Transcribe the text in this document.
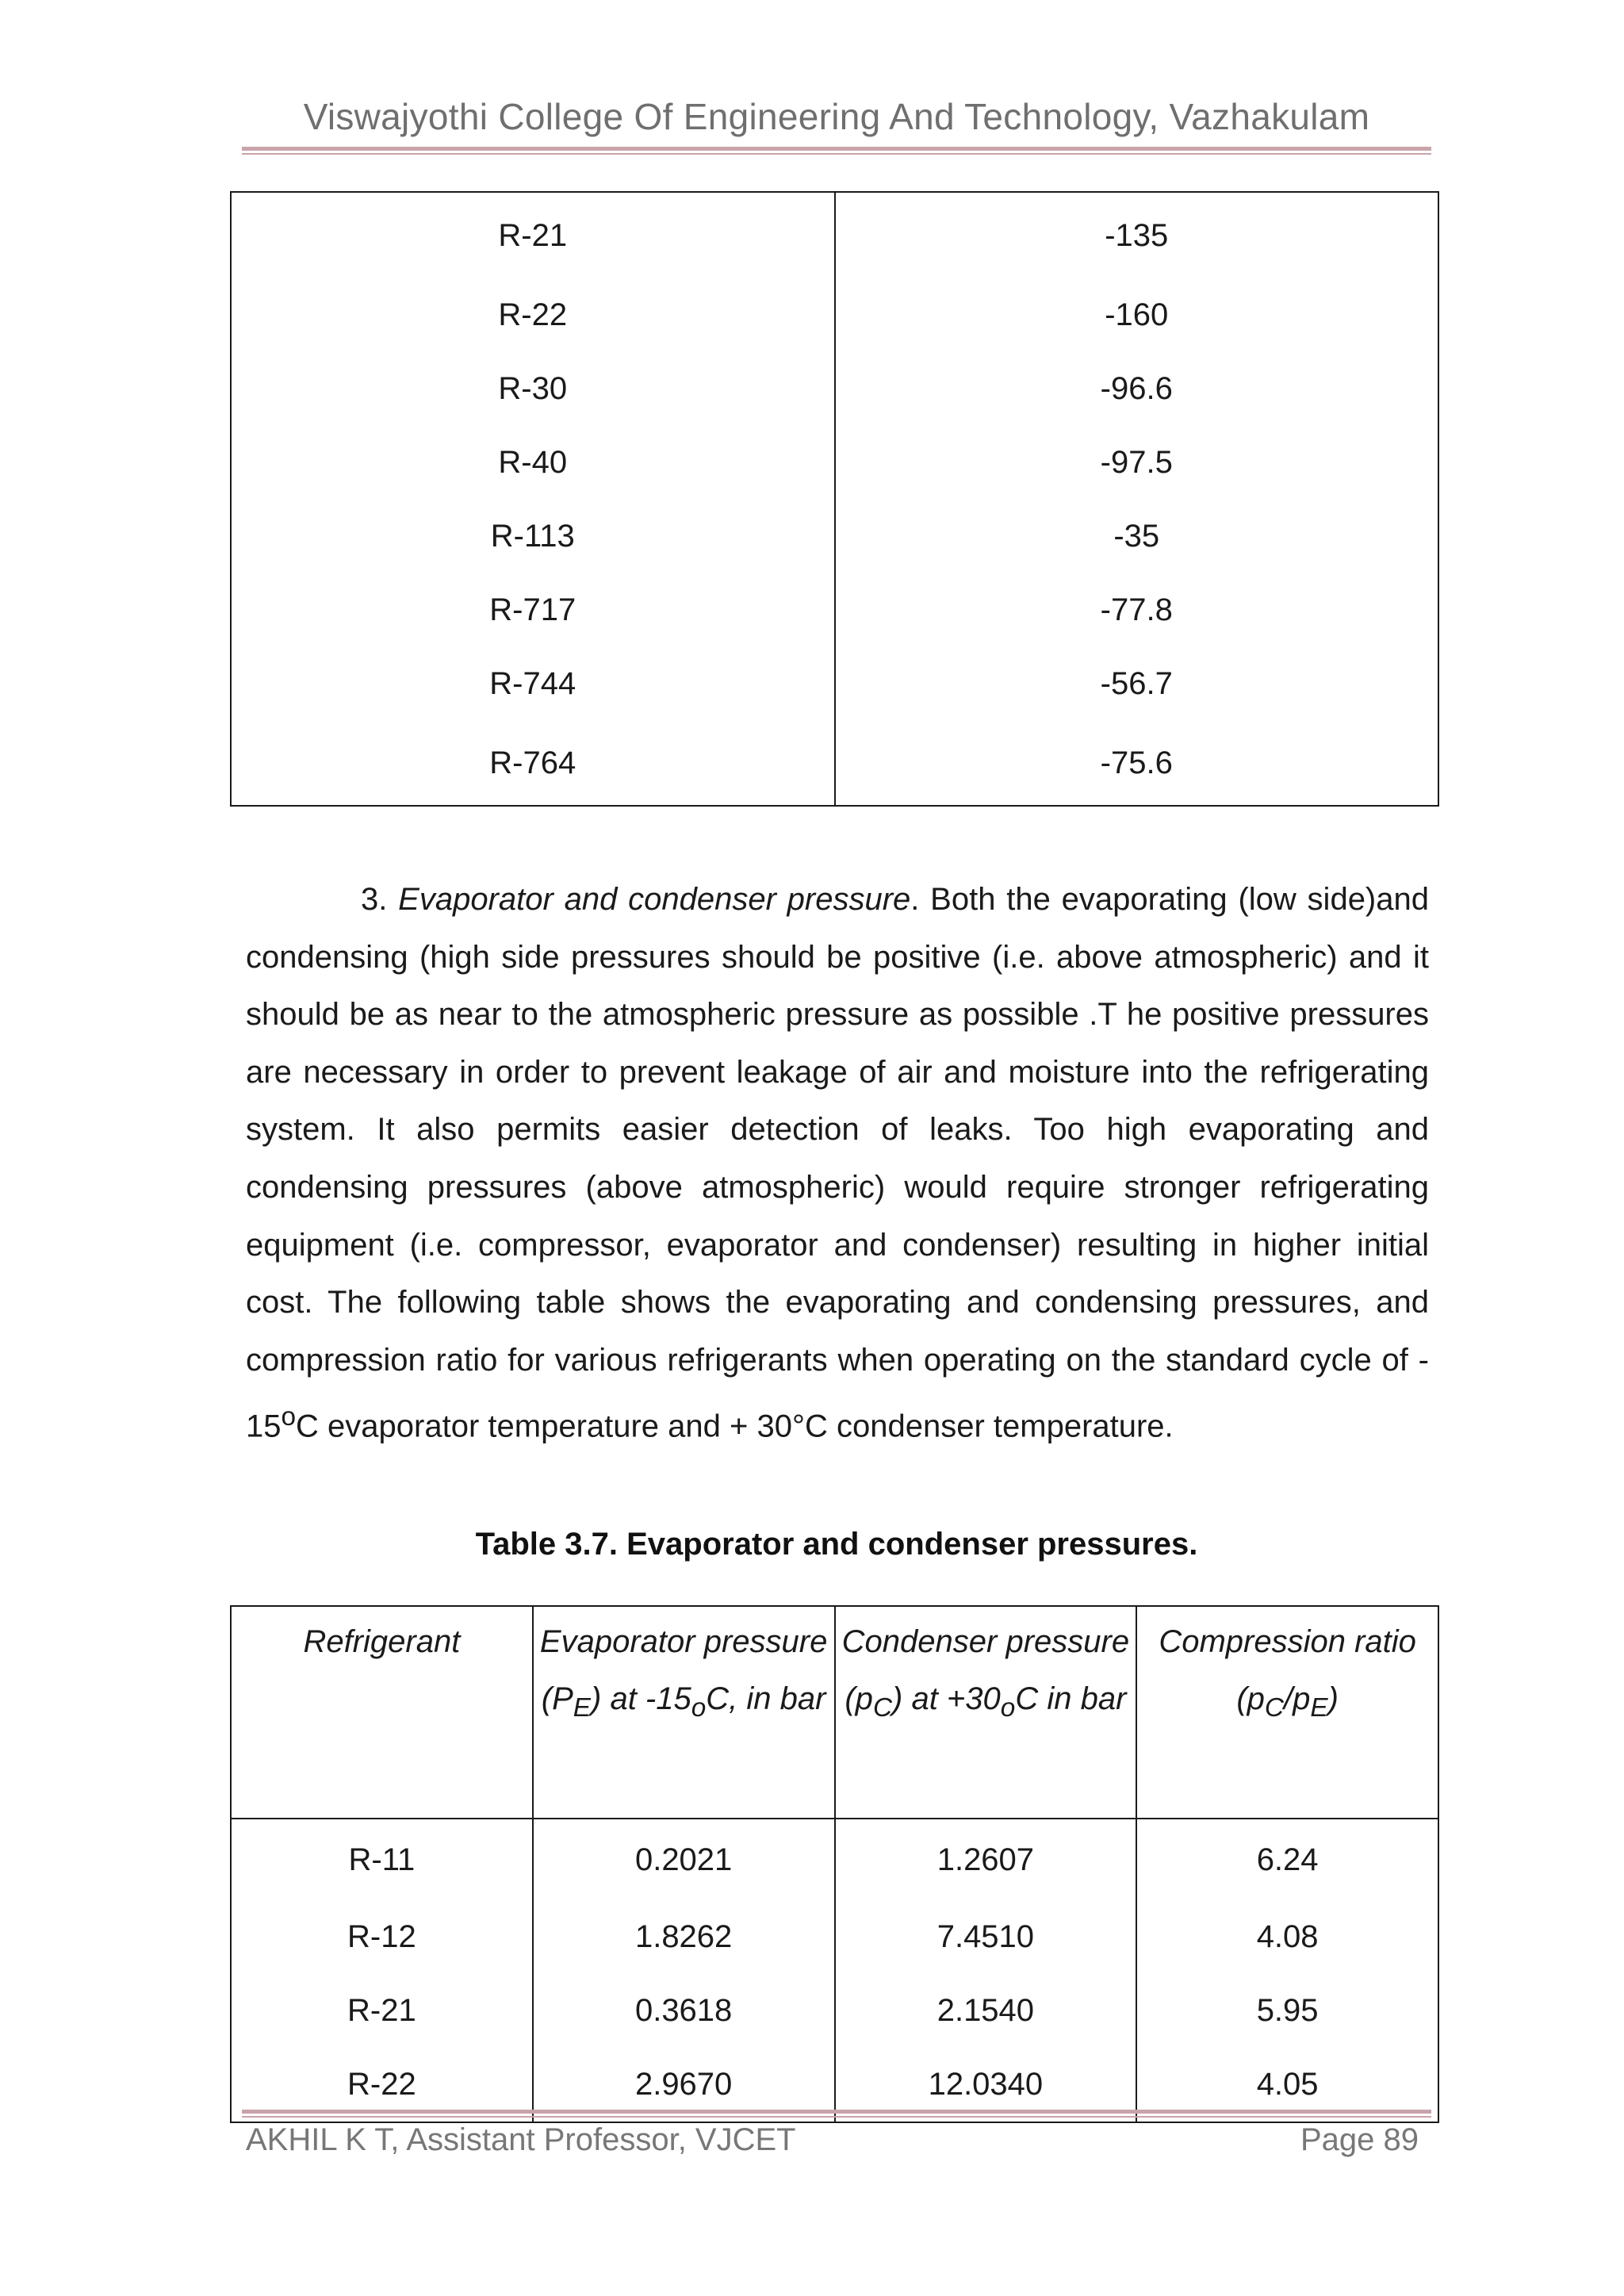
Viswajyothi College Of Engineering And Technology, Vazhakulam
R-21	-135
R-22	-160
R-30	-96.6
R-40	-97.5
R-113	-35
R-717	-77.8
R-744	-56.7
R-764	-75.6
3. Evaporator and condenser pressure. Both the evaporating (low side)and condensing (high side pressures should be positive (i.e. above atmospheric) and it should be as near to the atmospheric pressure as possible .T he positive pressures are necessary in order to prevent leakage of air and moisture into the refrigerating system. It also permits easier detection of leaks. Too high evaporating and condensing pressures (above atmospheric) would require stronger refrigerating equipment (i.e. compressor, evaporator and condenser) resulting in higher initial cost. The following table shows the evaporating and condensing pressures, and compression ratio for various refrigerants when operating on the standard cycle of - 15$^o$C evaporator temperature and + 30°C condenser temperature.
Table 3.7. Evaporator and condenser pressures.
Refrigerant	Evaporator pressure $(P_E)$ at $-15_oC$, in bar	Condenser pressure $(p_C)$ at $+30_oC$ in bar	Compression ratio $(p_C/p_E)$
R-11	0.2021	1.2607	6.24
R-12	1.8262	7.4510	4.08
R-21	0.3618	2.1540	5.95
R-22	2.9670	12.0340	4.05
AKHIL K T, Assistant Professor, VJCET	Page 89
